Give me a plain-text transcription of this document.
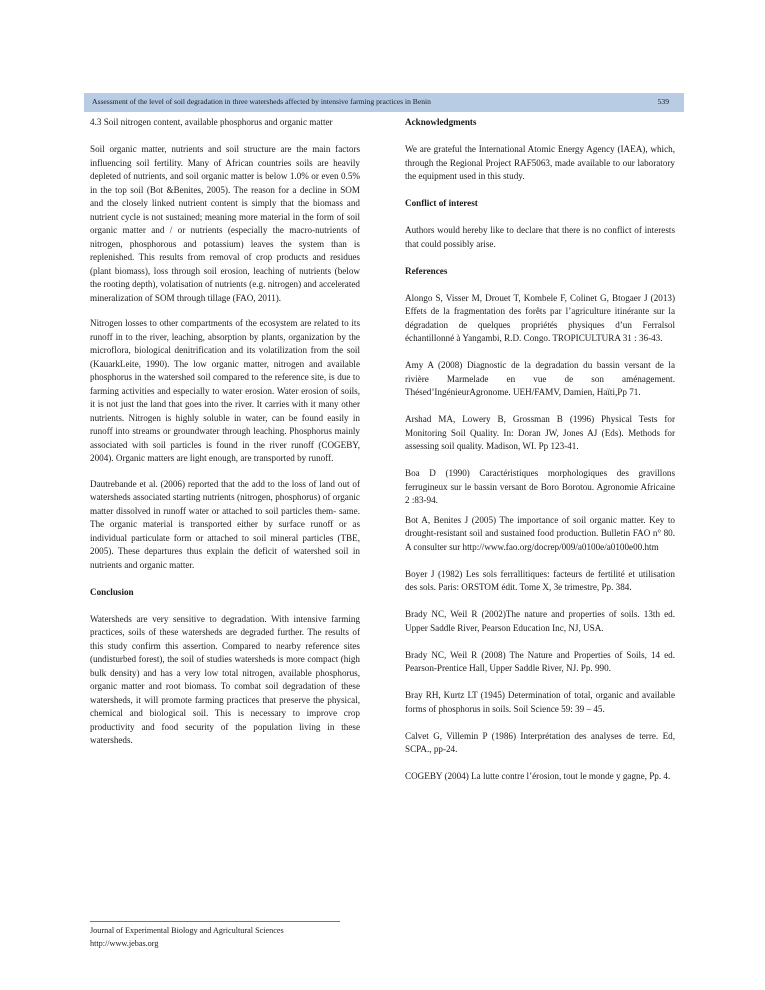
Assessment of the level of soil degradation in three watersheds affected by intensive farming practices in Benin	539

4.3 Soil nitrogen content, available phosphorus and organic matter

Soil organic matter, nutrients and soil structure are the main factors influencing soil fertility. Many of African countries soils are heavily depleted of nutrients, and soil organic matter is below 1.0% or even 0.5% in the top soil (Bot &Benites, 2005). The reason for a decline in SOM and the closely linked nutrient content is simply that the biomass and nutrient cycle is not sustained; meaning more material in the form of soil organic matter and / or nutrients (especially the macro-nutrients of nitrogen, phosphorous and potassium) leaves the system than is replenished. This results from removal of crop products and residues (plant biomass), loss through soil erosion, leaching of nutrients (below the rooting depth), volatisation of nutrients (e.g. nitrogen) and accelerated mineralization of SOM through tillage (FAO, 2011).

Nitrogen losses to other compartments of the ecosystem are related to its runoff in to the river, leaching, absorption by plants, organization by the microflora, biological denitrification and its volatilization from the soil (KauarkLeite, 1990). The low organic matter, nitrogen and available phosphorus in the watershed soil compared to the reference site, is due to farming activities and especially to water erosion. Water erosion of soils, it is not just the land that goes into the river. It carries with it many other nutrients. Nitrogen is highly soluble in water, can be found easily in runoff into streams or groundwater through leaching. Phosphorus mainly associated with soil particles is found in the river runoff (COGEBY, 2004). Organic matters are light enough, are transported by runoff.

Dautrebande et al. (2006) reported that the add to the loss of land out of watersheds associated starting nutrients (nitrogen, phosphorus) of organic matter dissolved in runoff water or attached to soil particles them- same. The organic material is transported either by surface runoff or as individual particulate form or attached to soil mineral particles (TBE, 2005). These departures thus explain the deficit of watershed soil in nutrients and organic matter.

Conclusion

Watersheds are very sensitive to degradation. With intensive farming practices, soils of these watersheds are degraded further. The results of this study confirm this assertion. Compared to nearby reference sites (undisturbed forest), the soil of studies watersheds is more compact (high bulk density) and has a very low total nitrogen, available phosphorus, organic matter and root biomass. To combat soil degradation of these watersheds, it will promote farming practices that preserve the physical, chemical and biological soil. This is necessary to improve crop productivity and food security of the population living in these watersheds.

Acknowledgments

We are grateful the International Atomic Energy Agency (IAEA), which, through the Regional Project RAF5063, made available to our laboratory the equipment used in this study.

Conflict of interest

Authors would hereby like to declare that there is no conflict of interests that could possibly arise.

References

Alongo S, Visser M, Drouet T, Kombele F, Colinet G, Btogaer J (2013) Effets de la fragmentation des forêts par l’agriculture itinérante sur la dégradation de quelques propriétés physiques d’un Ferralsol échantillonné à Yangambi, R.D. Congo. TROPICULTURA 31 : 36-43.

Amy A (2008) Diagnostic de la degradation du bassin versant de la rivière Marmelade en vue de son aménagement. Thésed’IngénieurAgronome. UEH/FAMV, Damien, Haïti,Pp 71.

Arshad MA, Lowery B, Grossman B (1996) Physical Tests for Monitoring Soil Quality. In: Doran JW, Jones AJ (Eds). Methods for assessing soil quality. Madison, WI. Pp 123-41.

Boa D (1990) Caractéristiques morphologiques des gravillons ferrugineux sur le bassin versant de Boro Borotou. Agronomie Africaine 2 :83-94.

Bot A, Benites J (2005) The importance of soil organic matter. Key to drought-resistant soil and sustained food production. Bulletin FAO n° 80. A consulter sur http://www.fao.org/docrep/009/a0100e/a0100e00.htm

Boyer J (1982) Les sols ferrallitiques: facteurs de fertilité et utilisation des sols. Paris: ORSTOM édit. Tome X, 3e trimestre, Pp. 384.

Brady NC, Weil R (2002)The nature and properties of soils. 13th ed. Upper Saddle River, Pearson Education Inc, NJ, USA.

Brady NC, Weil R (2008) The Nature and Properties of Soils, 14 ed. Pearson-Prentice Hall, Upper Saddle River, NJ. Pp. 990.

Bray RH, Kurtz LT (1945) Determination of total, organic and available forms of phosphorus in soils. Soil Science 59: 39 – 45.

Calvet G, Villemin P (1986) Interprétation des analyses de terre. Ed, SCPA., pp-24.

COGEBY (2004) La lutte contre l’érosion, tout le monde y gagne, Pp. 4.

Journal of Experimental Biology and Agricultural Sciences
http://www.jebas.org
